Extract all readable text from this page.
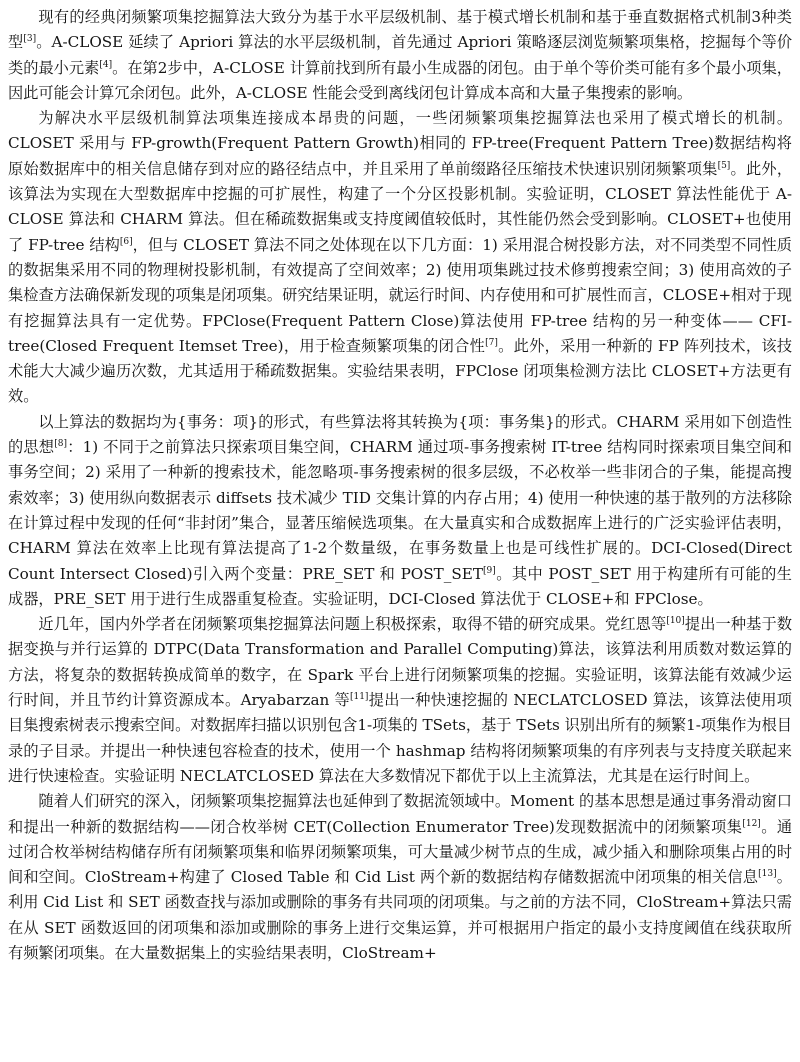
现有的经典闭频繁项集挖掘算法大致分为基于水平层级机制、基于模式增长机制和基于垂直数据格式机制3种类型[3]。A-CLOSE 延续了 Apriori 算法的水平层级机制，首先通过 Apriori 策略逐层浏览频繁项集格，挖掘每个等价类的最小元素[4]。在第2步中，A-CLOSE 计算前找到所有最小生成器的闭包。由于单个等价类可能有多个最小项集，因此可能会计算冗余闭包。此外，A-CLOSE 性能会受到离线闭包计算成本高和大量子集搜索的影响。

为解决水平层级机制算法项集连接成本昂贵的问题，一些闭频繁项集挖掘算法也采用了模式增长的机制。CLOSET 采用与 FP-growth(Frequent Pattern Growth)相同的 FP-tree(Frequent Pattern Tree)数据结构将原始数据库中的相关信息储存到对应的路径结点中，并且采用了单前缀路径压缩技术快速识别闭频繁项集[5]。此外，该算法为实现在大型数据库中挖掘的可扩展性，构建了一个分区投影机制。实验证明，CLOSET 算法性能优于 A-CLOSE 算法和 CHARM 算法。但在稀疏数据集或支持度阈值较低时，其性能仍然会受到影响。CLOSET+也使用了 FP-tree 结构[6]，但与 CLOSET 算法不同之处体现在以下几方面：1) 采用混合树投影方法，对不同类型不同性质的数据集采用不同的物理树投影机制，有效提高了空间效率；2) 使用项集跳过技术修剪搜索空间；3) 使用高效的子集检查方法确保新发现的项集是闭项集。研究结果证明，就运行时间、内存使用和可扩展性而言，CLOSE+相对于现有挖掘算法具有一定优势。FPClose(Frequent Pattern Close)算法使用 FP-tree 结构的另一种变体—— CFI-tree(Closed Frequent Itemset Tree)，用于检查频繁项集的闭合性[7]。此外，采用一种新的 FP 阵列技术，该技术能大大减少遍历次数，尤其适用于稀疏数据集。实验结果表明，FPClose 闭项集检测方法比 CLOSET+方法更有效。

以上算法的数据均为{事务：项}的形式，有些算法将其转换为{项：事务集}的形式。CHARM 采用如下创造性的思想[8]：1) 不同于之前算法只探索项目集空间，CHARM 通过项-事务搜索树 IT-tree 结构同时探索项目集空间和事务空间；2) 采用了一种新的搜索技术，能忽略项-事务搜索树的很多层级，不必枚举一些非闭合的子集，能提高搜索效率；3) 使用纵向数据表示 diffsets 技术减少 TID 交集计算的内存占用；4) 使用一种快速的基于散列的方法移除在计算过程中发现的任何“非封闭”集合，显著压缩候选项集。在大量真实和合成数据库上进行的广泛实验评估表明，CHARM 算法在效率上比现有算法提高了1-2个数量级，在事务数量上也是可线性扩展的。DCI-Closed(Direct Count Intersect Closed)引入两个变量：PRE_SET 和 POST_SET[9]。其中 POST_SET 用于构建所有可能的生成器，PRE_SET 用于进行生成器重复检查。实验证明，DCI-Closed 算法优于 CLOSE+和 FPClose。

近几年，国内外学者在闭频繁项集挖掘算法问题上积极探索，取得不错的研究成果。党红恩等[10]提出一种基于数据变换与并行运算的 DTPC(Data Transformation and Parallel Computing)算法，该算法利用质数对数运算的方法，将复杂的数据转换成简单的数字，在 Spark 平台上进行闭频繁项集的挖掘。实验证明，该算法能有效减少运行时间，并且节约计算资源成本。Aryabarzan 等[11]提出一种快速挖掘的 NECLATCLOSED 算法，该算法使用项目集搜索树表示搜索空间。对数据库扫描以识别包含1-项集的 TSets，基于 TSets 识别出所有的频繁1-项集作为根目录的子目录。并提出一种快速包容检查的技术，使用一个 hashmap 结构将闭频繁项集的有序列表与支持度关联起来进行快速检查。实验证明 NECLATCLOSED 算法在大多数情况下都优于以上主流算法，尤其是在运行时间上。

随着人们研究的深入，闭频繁项集挖掘算法也延伸到了数据流领域中。Moment 的基本思想是通过事务滑动窗口和提出一种新的数据结构——闭合枚举树 CET(Collection Enumerator Tree)发现数据流中的闭频繁项集[12]。通过闭合枚举树结构储存所有闭频繁项集和临界闭频繁项集，可大量减少树节点的生成，减少插入和删除项集占用的时间和空间。CloStream+构建了 Closed Table 和 Cid List 两个新的数据结构存储数据流中闭项集的相关信息[13]。利用 Cid List 和 SET 函数查找与添加或删除的事务有共同项的闭项集。与之前的方法不同，CloStream+算法只需在从 SET 函数返回的闭项集和添加或删除的事务上进行交集运算，并可根据用户指定的最小支持度阈值在线获取所有频繁闭项集。在大量数据集上的实验结果表明，CloStream+
